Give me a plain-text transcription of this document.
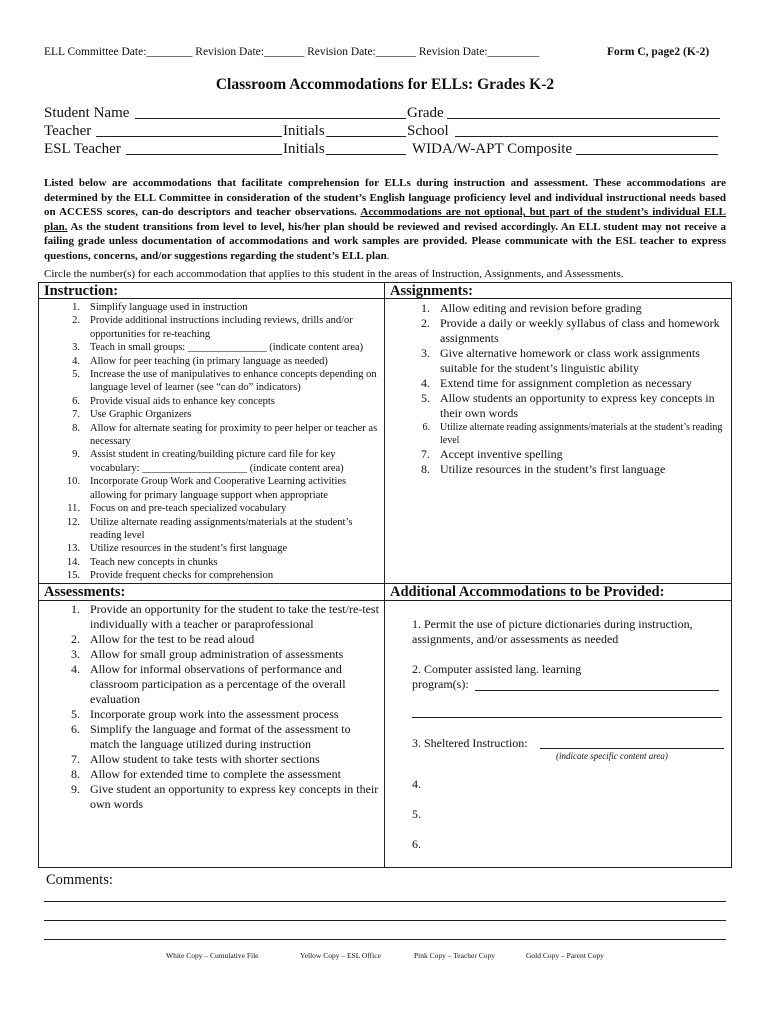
ELL Committee Date:________ Revision Date:_______ Revision Date:_______ Revision Date:_________	Form C, page2 (K-2)
Classroom Accommodations for ELLs: Grades K-2
Student Name	Grade
Teacher	Initials	School
ESL Teacher	Initials	WIDA/W-APT Composite
Listed below are accommodations that facilitate comprehension for ELLs during instruction and assessment. These accommodations are determined by the ELL Committee in consideration of the student’s English language proficiency level and individual instructional needs based on ACCESS scores, can-do descriptors and teacher observations. Accommodations are not optional, but part of the student’s individual ELL plan. As the student transitions from level to level, his/her plan should be reviewed and revised accordingly. An ELL student may not receive a failing grade unless documentation of accommodations and work samples are provided. Please communicate with the ESL teacher to express questions, concerns, and/or suggestions regarding the student’s ELL plan.
Circle the number(s) for each accommodation that applies to this student in the areas of Instruction, Assignments, and Assessments.
Instruction:	Assignments:
Assessments:	Additional Accommodations to be Provided:
1. Simplify language used in instruction
2. Provide additional instructions including reviews, drills and/or opportunities for re-teaching
3. Teach in small groups: _______________ (indicate content area)
4. Allow for peer teaching (in primary language as needed)
5. Increase the use of manipulatives to enhance concepts depending on language level of learner (see “can do” indicators)
6. Provide visual aids to enhance key concepts
7. Use Graphic Organizers
8. Allow for alternate seating for proximity to peer helper or teacher as necessary
9. Assist student in creating/building picture card file for key vocabulary: ____________________ (indicate content area)
10. Incorporate Group Work and Cooperative Learning activities allowing for primary language support when appropriate
11. Focus on and pre-teach specialized vocabulary
12. Utilize alternate reading assignments/materials at the student’s reading level
13. Utilize resources in the student’s first language
14. Teach new concepts in chunks
15. Provide frequent checks for comprehension
1. Allow editing and revision before grading
2. Provide a daily or weekly syllabus of class and homework assignments
3. Give alternative homework or class work assignments suitable for the student’s linguistic ability
4. Extend time for assignment completion as necessary
5. Allow students an opportunity to express key concepts in their own words
6. Utilize alternate reading assignments/materials at the student’s reading level
7. Accept inventive spelling
8. Utilize resources in the student’s first language
1. Provide an opportunity for the student to take the test/re-test individually with a teacher or paraprofessional
2. Allow for the test to be read aloud
3. Allow for small group administration of assessments
4. Allow for informal observations of performance and classroom participation as a percentage of the overall evaluation
5. Incorporate group work into the assessment process
6. Simplify the language and format of the assessment to match the language utilized during instruction
7. Allow student to take tests with shorter sections
8. Allow for extended time to complete the assessment
9. Give student an opportunity to express key concepts in their own words
1. Permit the use of picture dictionaries during instruction, assignments, and/or assessments as needed
2. Computer assisted lang. learning
program(s):
3. Sheltered Instruction:
(indicate specific content area)
4.
5.
6.
Comments:
White Copy – Cumulative File	Yellow Copy – ESL Office	Pink Copy – Teacher Copy	Gold Copy – Parent Copy
